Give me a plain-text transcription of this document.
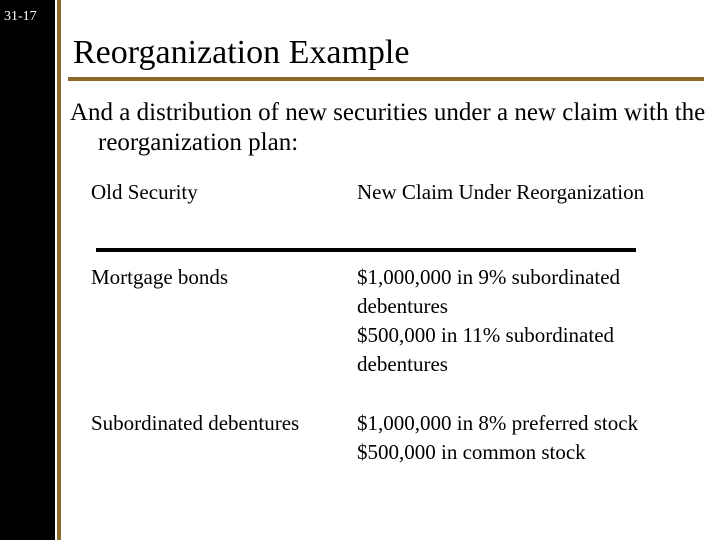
31-17
Reorganization Example
And a distribution of new securities under a new claim with the reorganization plan:
Old Security	New Claim Under Reorganization
Mortgage bonds	$1,000,000 in 9% subordinated
debentures
$500,000 in 11% subordinated
debentures
Subordinated debentures	$1,000,000 in 8% preferred stock
$500,000 in common stock
